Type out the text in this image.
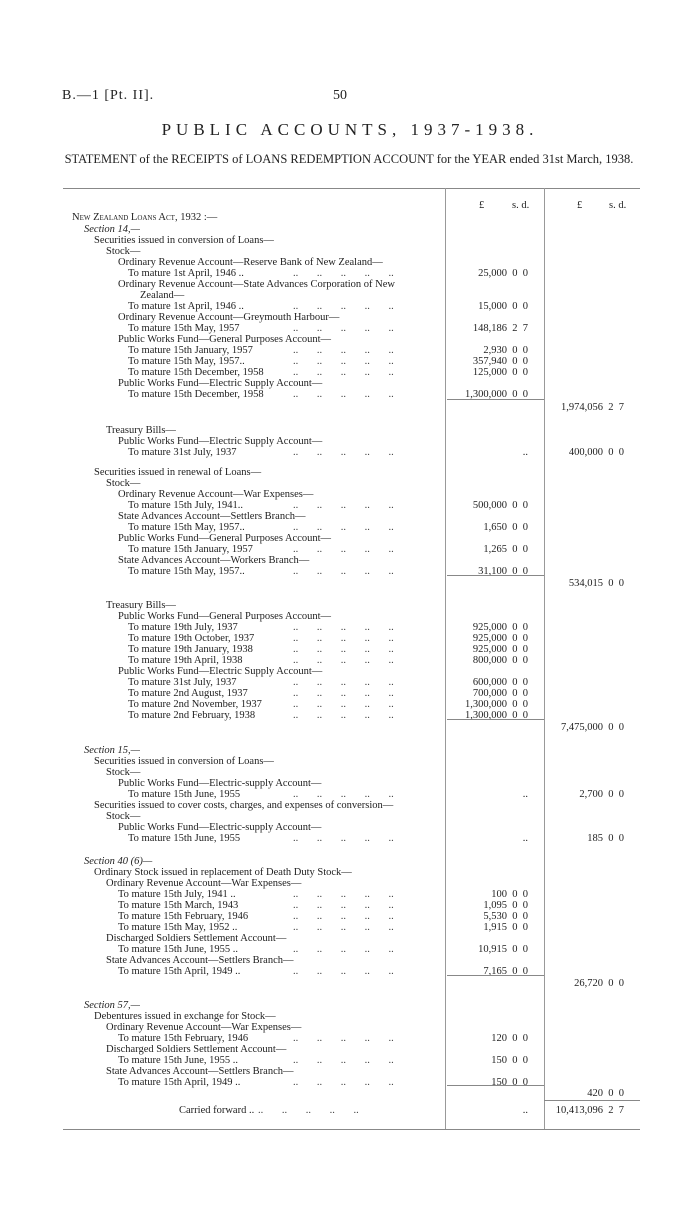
B.—1 [Pt. II].	50
PUBLIC ACCOUNTS, 1937-1938.
STATEMENT of the RECEIPTS of LOANS REDEMPTION ACCOUNT for the YEAR ended 31st March, 1938.
£	s. d.	£	s. d.
New Zealand Loans Act, 1932 :—
Section 14,—
Securities issued in conversion of Loans—
Stock—
Ordinary Revenue Account—Reserve Bank of New Zealand—
To mature 1st April, 1946 ..	.. .. .. .. ..	25,000  0  0
Ordinary Revenue Account—State Advances Corporation of New
Zealand—
To mature 1st April, 1946 ..	.. .. .. .. ..	15,000  0  0
Ordinary Revenue Account—Greymouth Harbour—
To mature 15th May, 1957	.. .. .. .. ..	148,186  2  7
Public Works Fund—General Purposes Account—
To mature 15th January, 1957	.. .. .. .. ..	2,930  0  0
To mature 15th May, 1957..	.. .. .. .. ..	357,940  0  0
To mature 15th December, 1958	.. .. .. .. ..	125,000  0  0
Public Works Fund—Electric Supply Account—
To mature 15th December, 1958	.. .. .. .. ..	1,300,000  0  0
1,974,056  2  7
Treasury Bills—
Public Works Fund—Electric Supply Account—
To mature 31st July, 1937	.. .. .. .. ..	..	400,000  0  0
Securities issued in renewal of Loans—
Stock—
Ordinary Revenue Account—War Expenses—
To mature 15th July, 1941..	.. .. .. .. ..	500,000  0  0
State Advances Account—Settlers Branch—
To mature 15th May, 1957..	.. .. .. .. ..	1,650  0  0
Public Works Fund—General Purposes Account—
To mature 15th January, 1957	.. .. .. .. ..	1,265  0  0
State Advances Account—Workers Branch—
To mature 15th May, 1957..	.. .. .. .. ..	31,100  0  0
534,015  0  0
Treasury Bills—
Public Works Fund—General Purposes Account—
To mature 19th July, 1937	.. .. .. .. ..	925,000  0  0
To mature 19th October, 1937	.. .. .. .. ..	925,000  0  0
To mature 19th January, 1938	.. .. .. .. ..	925,000  0  0
To mature 19th April, 1938	.. .. .. .. ..	800,000  0  0
Public Works Fund—Electric Supply Account—
To mature 31st July, 1937	.. .. .. .. ..	600,000  0  0
To mature 2nd August, 1937	.. .. .. .. ..	700,000  0  0
To mature 2nd November, 1937	.. .. .. .. ..	1,300,000  0  0
To mature 2nd February, 1938	.. .. .. .. ..	1,300,000  0  0
7,475,000  0  0
Section 15,—
Securities issued in conversion of Loans—
Stock—
Public Works Fund—Electric-supply Account—
To mature 15th June, 1955	.. .. .. .. ..	..	2,700  0  0
Securities issued to cover costs, charges, and expenses of conversion—
Stock—
Public Works Fund—Electric-supply Account—
To mature 15th June, 1955	.. .. .. .. ..	..	185  0  0
Section 40 (6)—
Ordinary Stock issued in replacement of Death Duty Stock—
Ordinary Revenue Account—War Expenses—
To mature 15th July, 1941 ..	.. .. .. .. ..	100  0  0
To mature 15th March, 1943	.. .. .. .. ..	1,095  0  0
To mature 15th February, 1946	.. .. .. .. ..	5,530  0  0
To mature 15th May, 1952 ..	.. .. .. .. ..	1,915  0  0
Discharged Soldiers Settlement Account—
To mature 15th June, 1955 ..	.. .. .. .. ..	10,915  0  0
State Advances Account—Settlers Branch—
To mature 15th April, 1949 ..	.. .. .. .. ..	7,165  0  0
26,720  0  0
Section 57,—
Debentures issued in exchange for Stock—
Ordinary Revenue Account—War Expenses—
To mature 15th February, 1946	.. .. .. .. ..	120  0  0
Discharged Soldiers Settlement Account—
To mature 15th June, 1955 ..	.. .. .. .. ..	150  0  0
State Advances Account—Settlers Branch—
To mature 15th April, 1949 ..	.. .. .. .. ..	150  0  0
420  0  0
Carried forward .. .. .. .. .. ..	..	10,413,096  2  7
